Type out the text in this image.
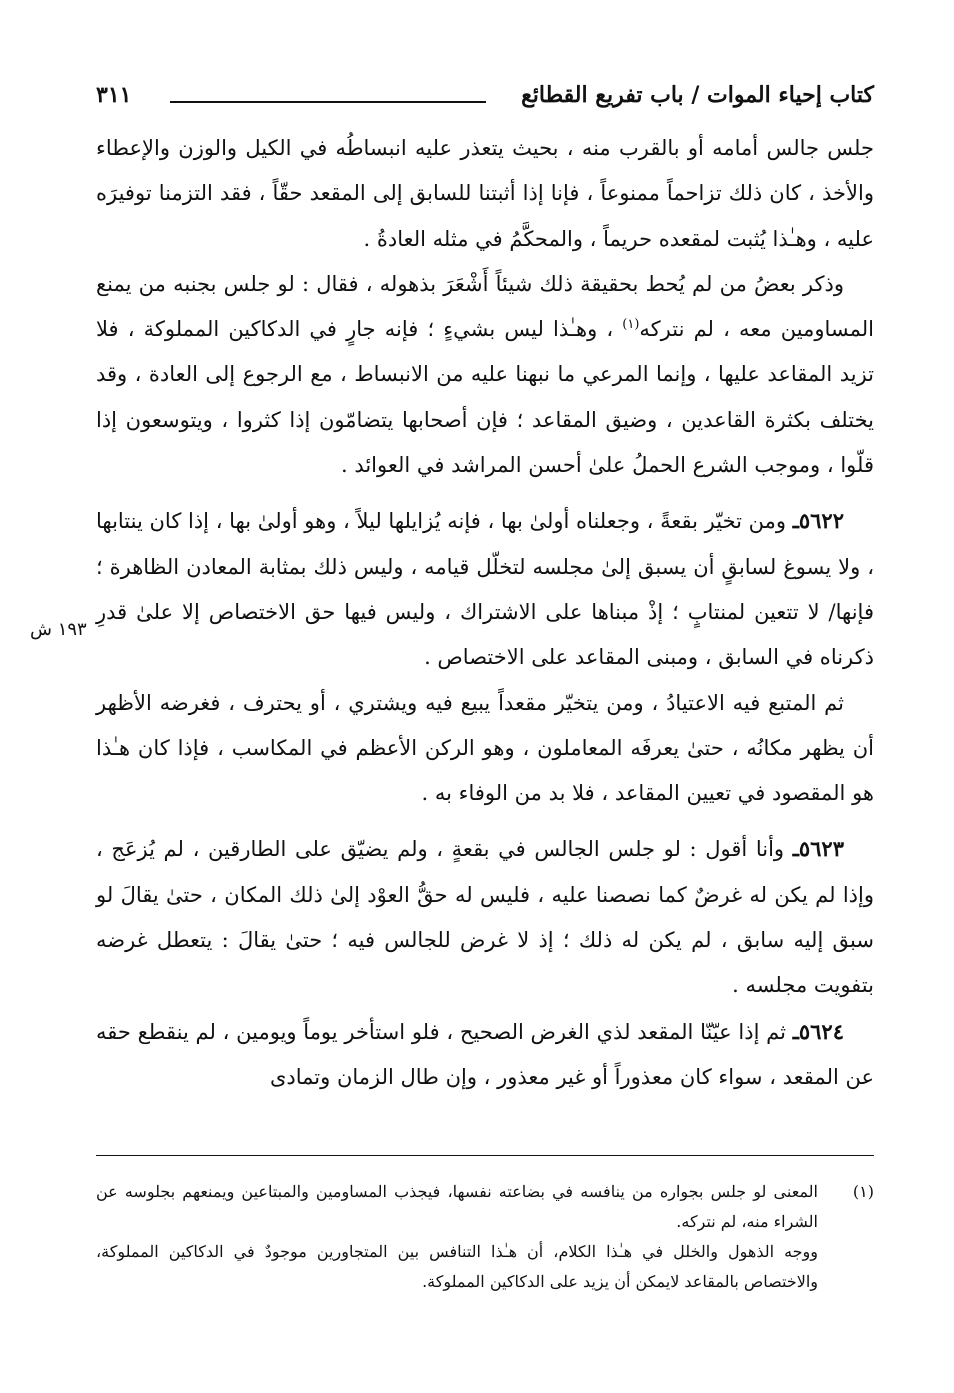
كتاب إحياء الموات / باب تفريع القطائع
٣١١
١٩٣ ش

جلس جالس أمامه أو بالقرب منه ، بحيث يتعذر عليه انبساطُه في الكيل والوزن والإعطاء والأخذ ، كان ذلك تزاحماً ممنوعاً ، فإنا إذا أثبتنا للسابق إلى المقعد حقّاً ، فقد التزمنا توفيرَه عليه ، وهـٰذا يُثبت لمقعده حريماً ، والمحكَّمُ في مثله العادةُ .

وذكر بعضُ من لم يُحط بحقيقة ذلك شيئاً أَشْعَرَ بذهوله ، فقال : لو جلس بجنبه من يمنع المساومين معه ، لم نتركه$^{(١)}$ ، وهـٰذا ليس بشيءٍ ؛ فإنه جارٍ في الدكاكين المملوكة ، فلا تزيد المقاعد عليها ، وإنما المرعي ما نبهنا عليه من الانبساط ، مع الرجوع إلى العادة ، وقد يختلف بكثرة القاعدين ، وضيق المقاعد ؛ فإن أصحابها يتضامّون إذا كثروا ، ويتوسعون إذا قلّوا ، وموجب الشرع الحملُ علىٰ أحسن المراشد في العوائد .

٥٦٢٢ـ ومن تخيّر بقعةً ، وجعلناه أولىٰ بها ، فإنه يُزايلها ليلاً ، وهو أولىٰ بها ، إذا كان ينتابها ، ولا يسوغ لسابقٍ أن يسبق إلىٰ مجلسه لتخلّل قيامه ، وليس ذلك بمثابة المعادن الظاهرة ؛ فإنها/ لا تتعين لمنتابٍ ؛ إذْ مبناها على الاشتراك ، وليس فيها حق الاختصاص إلا علىٰ قدرِ ذكرناه في السابق ، ومبنى المقاعد على الاختصاص .

ثم المتبع فيه الاعتيادُ ، ومن يتخيّر مقعداً يبيع فيه ويشتري ، أو يحترف ، فغرضه الأظهر أن يظهر مكانُه ، حتىٰ يعرفَه المعاملون ، وهو الركن الأعظم في المكاسب ، فإذا كان هـٰذا هو المقصود في تعيين المقاعد ، فلا بد من الوفاء به .

٥٦٢٣ـ وأنا أقول : لو جلس الجالس في بقعةٍ ، ولم يضيّق على الطارقين ، لم يُزعَج ، وإذا لم يكن له غرضٌ كما نصصنا عليه ، فليس له حقُّ العوْد إلىٰ ذلك المكان ، حتىٰ يقالَ لو سبق إليه سابق ، لم يكن له ذلك ؛ إذ لا غرض للجالس فيه ؛ حتىٰ يقالَ : يتعطل غرضه بتفويت مجلسه .

٥٦٢٤ـ ثم إذا عيّنّا المقعد لذي الغرض الصحيح ، فلو استأخر يوماً ويومين ، لم ينقطع حقه عن المقعد ، سواء كان معذوراً أو غير معذور ، وإن طال الزمان وتمادى

(١)
المعنى لو جلس بجواره من ينافسه في بضاعته نفسها، فيجذب المساومين والمبتاعين ويمنعهم بجلوسه عن الشراء منه، لم نتركه.

ووجه الذهول والخلل في هـٰذا الكلام، أن هـٰذا التنافس بين المتجاورين موجودٌ في الدكاكين المملوكة، والاختصاص بالمقاعد لايمكن أن يزيد على الدكاكين المملوكة.
